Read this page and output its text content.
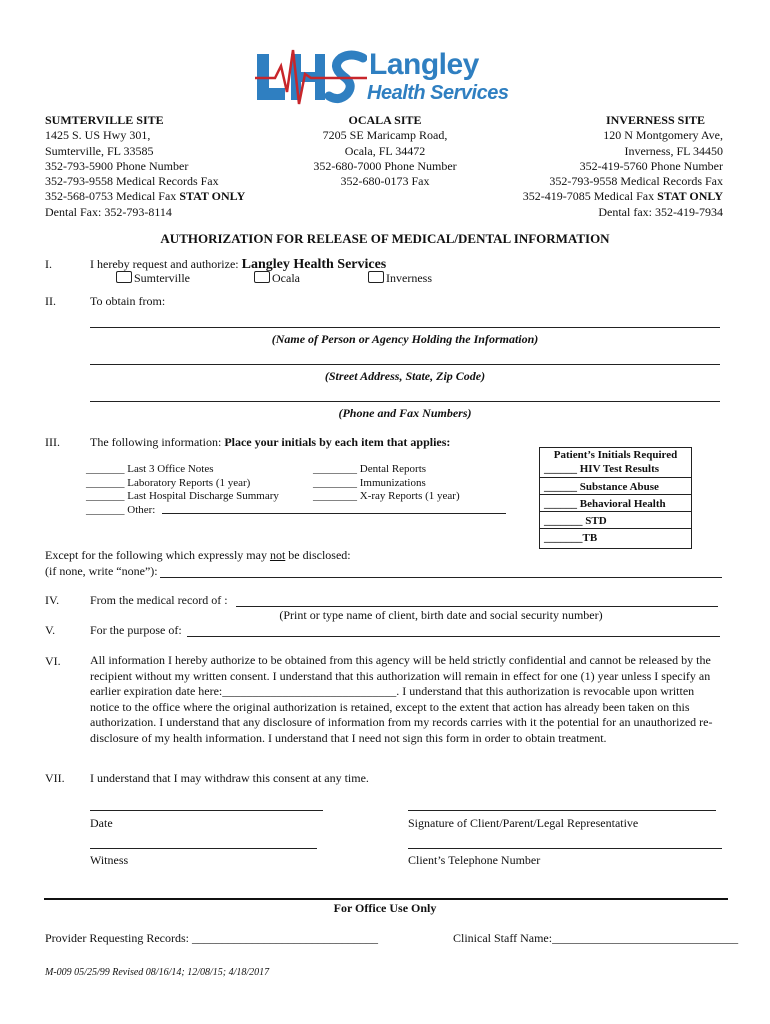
Langley
Health Services
SUMTERVILLE SITE
1425 S. US Hwy 301,
Sumterville, FL 33585
352-793-5900 Phone Number
352-793-9558 Medical Records Fax
352-568-0753 Medical Fax STAT ONLY
Dental Fax: 352-793-8114
OCALA SITE
7205 SE Maricamp Road,
Ocala, FL 34472
352-680-7000 Phone Number
352-680-0173 Fax
INVERNESS SITE
120 N Montgomery Ave,
Inverness, FL 34450
352-419-5760 Phone Number
352-793-9558 Medical Records Fax
352-419-7085 Medical Fax STAT ONLY
Dental fax: 352-419-7934
AUTHORIZATION FOR RELEASE OF MEDICAL/DENTAL INFORMATION
I.	I hereby request and authorize: Langley Health Services
Sumterville	Ocala	Inverness
II.	To obtain from:
(Name of Person or Agency Holding the Information)
(Street Address, State, Zip Code)
(Phone and Fax Numbers)
III.	The following information: Place your initials by each item that applies:
_______ Last 3 Office Notes
_______ Laboratory Reports (1 year)
_______ Last Hospital Discharge Summary
_______ Other:
________ Dental Reports
________ Immunizations
________ X-ray Reports (1 year)
Patient’s Initials Required
______ HIV Test Results
______ Substance Abuse
______ Behavioral Health
_______ STD
_______TB
Except for the following which expressly may not be disclosed:
(if none, write “none”):
IV.	From the medical record of :
(Print or type name of client, birth date and social security number)
V.	For the purpose of:
VI. All information I hereby authorize to be obtained from this agency will be held strictly confidential and cannot be released by the recipient without my written consent. I understand that this authorization will remain in effect for one (1) year unless I specify an earlier expiration date here:_____________________________. I understand that this authorization is revocable upon written notice to the office where the original authorization is retained, except to the extent that action has already been taken on this authorization. I understand that any disclosure of information from my records carries with it the potential for an unauthorized re-disclosure of my health information. I understand that I need not sign this form in order to obtain treatment.
VII. I understand that I may withdraw this consent at any time.
Date	Signature of Client/Parent/Legal Representative
Witness	Client’s Telephone Number
For Office Use Only
Provider Requesting Records: _______________________________	Clinical Staff Name:_______________________________
M-009 05/25/99 Revised 08/16/14; 12/08/15; 4/18/2017
